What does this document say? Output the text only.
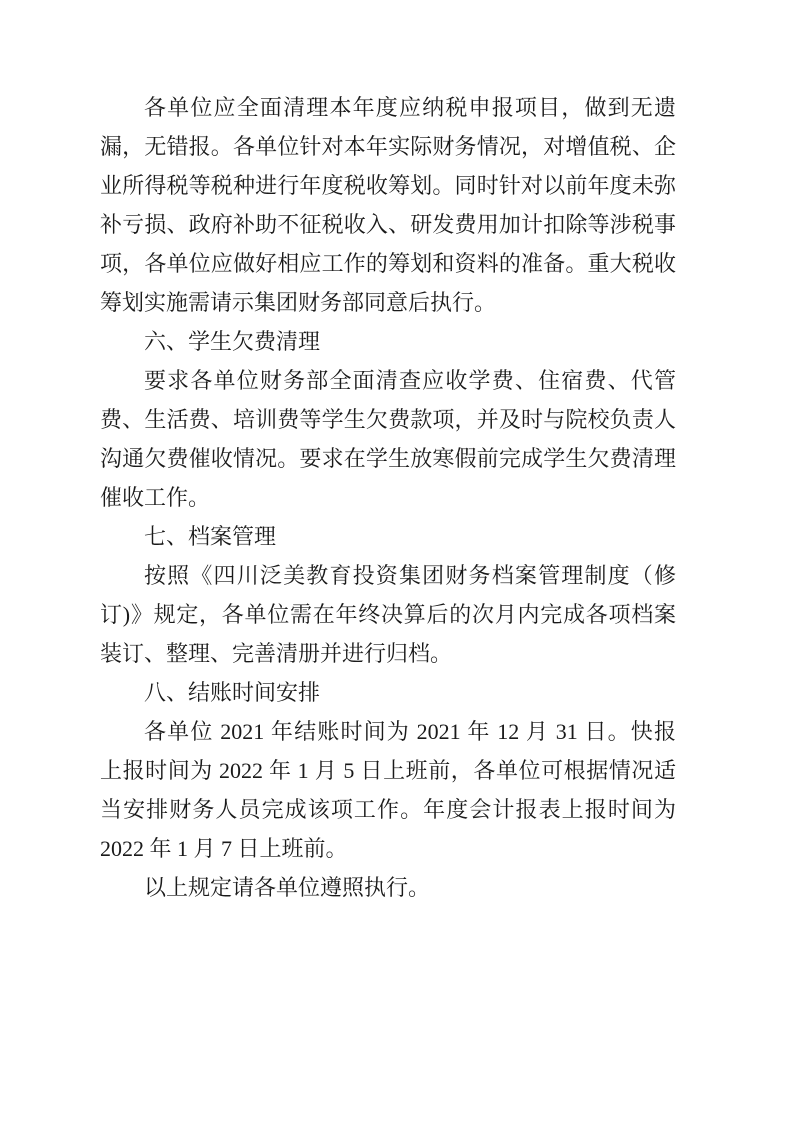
各单位应全面清理本年度应纳税申报项目，做到无遗
漏，无错报。各单位针对本年实际财务情况，对增值税、企
业所得税等税种进行年度税收筹划。同时针对以前年度未弥
补亏损、政府补助不征税收入、研发费用加计扣除等涉税事
项，各单位应做好相应工作的筹划和资料的准备。重大税收
筹划实施需请示集团财务部同意后执行。
六、学生欠费清理
要求各单位财务部全面清查应收学费、住宿费、代管
费、生活费、培训费等学生欠费款项，并及时与院校负责人
沟通欠费催收情况。要求在学生放寒假前完成学生欠费清理
催收工作。
七、档案管理
按照《四川泛美教育投资集团财务档案管理制度（修
订)》规定，各单位需在年终决算后的次月内完成各项档案
装订、整理、完善清册并进行归档。
八、结账时间安排
各单位 2021 年结账时间为 2021 年 12 月 31 日。快报
上报时间为 2022 年 1 月 5 日上班前，各单位可根据情况适
当安排财务人员完成该项工作。年度会计报表上报时间为
2022 年 1 月 7 日上班前。
以上规定请各单位遵照执行。
